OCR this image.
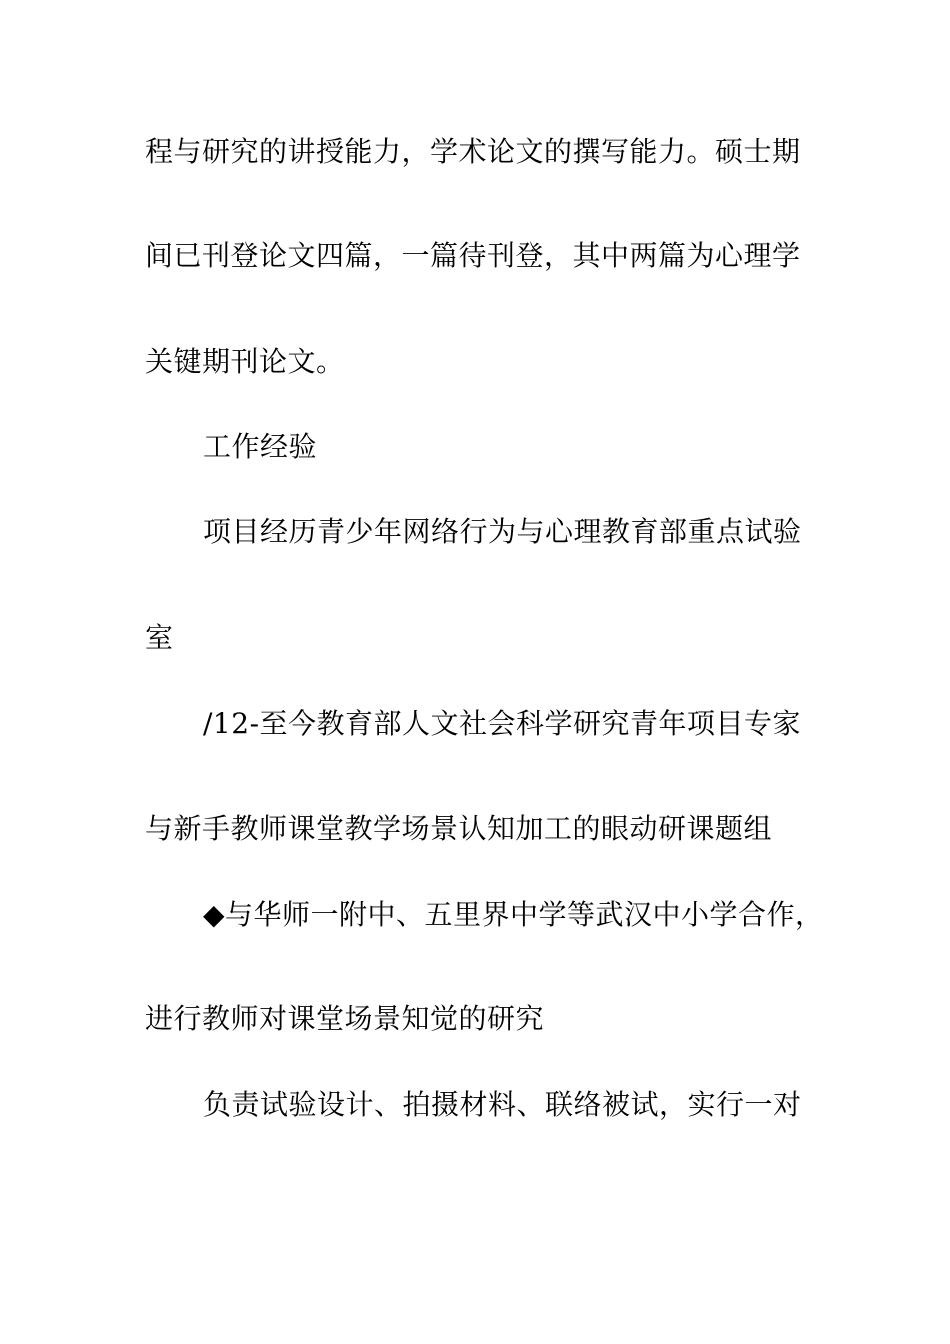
程与研究的讲授能力，学术论文的撰写能力。硕士期
间已刊登论文四篇，一篇待刊登，其中两篇为心理学
关键期刊论文。
工作经验
项目经历青少年网络行为与心理教育部重点试验
室
/12-至今教育部人文社会科学研究青年项目专家
与新手教师课堂教学场景认知加工的眼动研课题组
◆与华师一附中、五里界中学等武汉中小学合作，
进行教师对课堂场景知觉的研究
负责试验设计、拍摄材料、联络被试，实行一对
